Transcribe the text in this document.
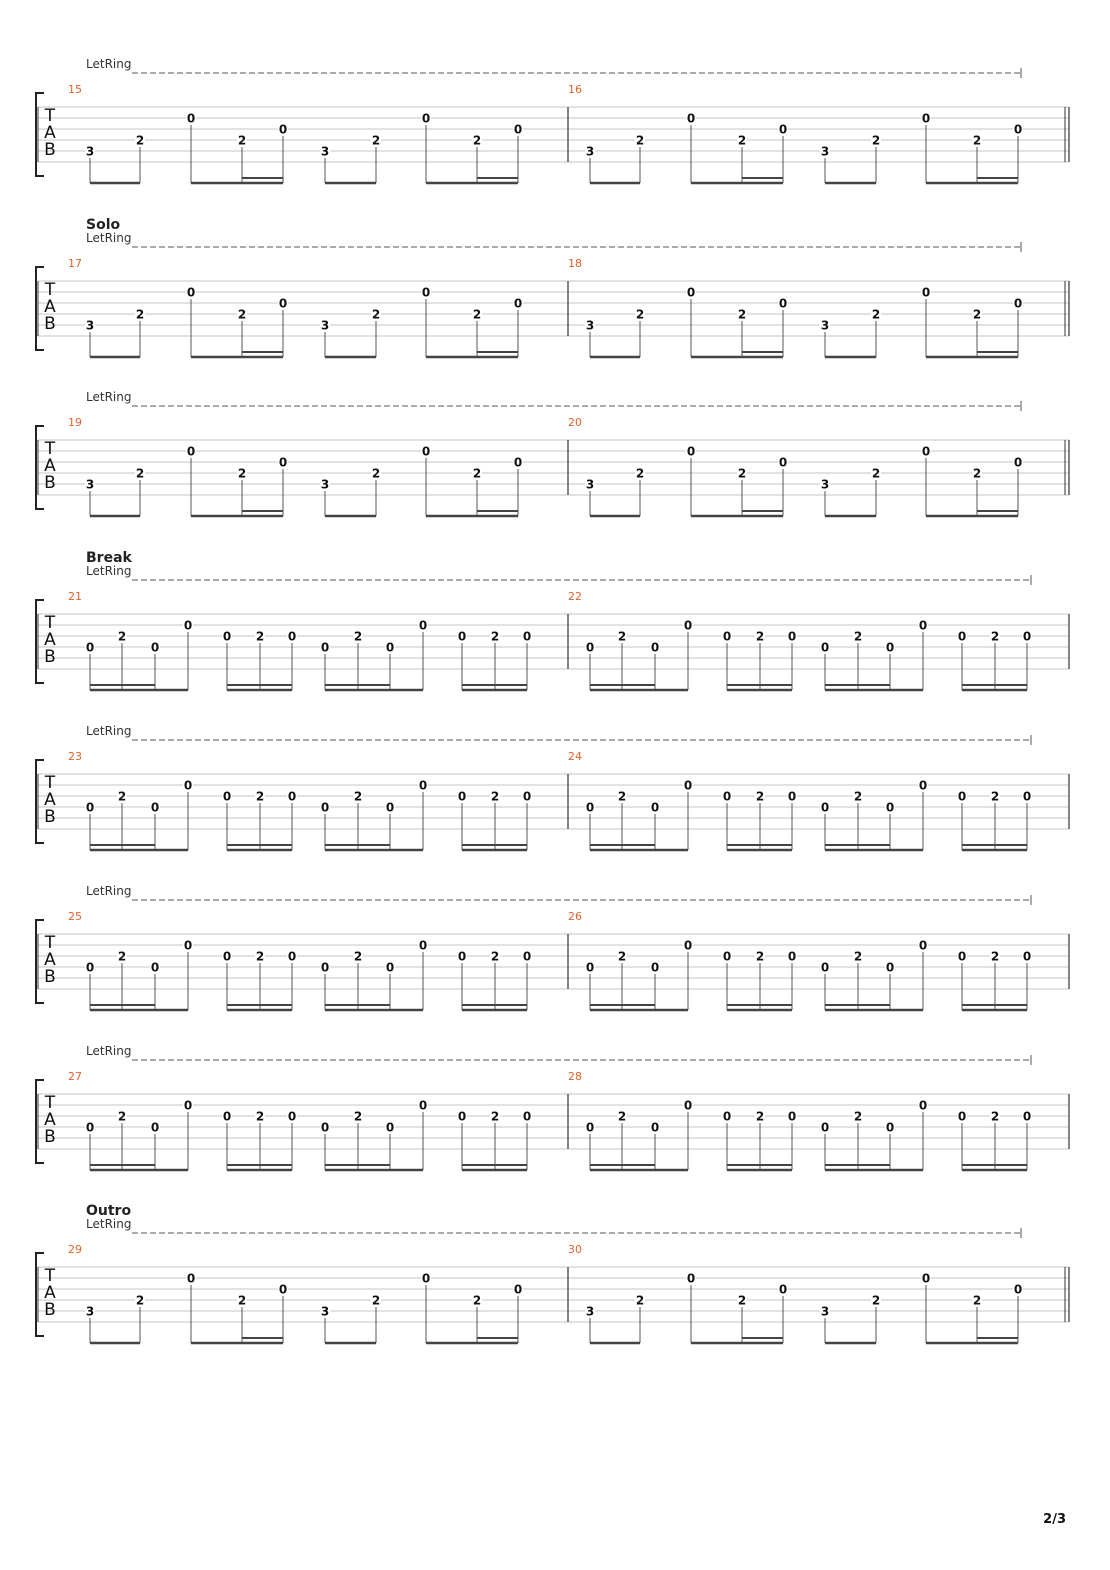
2/3
LetRing
T
A
B
15
3
2
0
2
0
3
2
0
2
0
16
3
2
0
2
0
3
2
0
2
0
Solo
LetRing
T
A
B
17
3
2
0
2
0
3
2
0
2
0
18
3
2
0
2
0
3
2
0
2
0
LetRing
T
A
B
19
3
2
0
2
0
3
2
0
2
0
20
3
2
0
2
0
3
2
0
2
0
Break
LetRing
T
A
B
21
0
2
0
0
0 2 0
0
2
0
0
0 2 0
22
0
2
0
0
0 2 0
0
2
0
0
0 2 0
LetRing
T
A
B
23
0
2
0
0
0 2 0
0
2
0
0
0 2 0
24
0
2
0
0
0 2 0
0
2
0
0
0 2 0
LetRing
T
A
B
25
0
2
0
0
0 2 0
0
2
0
0
0 2 0
26
0
2
0
0
0 2 0
0
2
0
0
0 2 0
LetRing
T
A
B
27
0
2
0
0
0 2 0
0
2
0
0
0 2 0
28
0
2
0
0
0 2 0
0
2
0
0
0 2 0
Outro
LetRing
T
A
B
29
3
2
0
2
0
3
2
0
2
0
30
3
2
0
2
0
3
2
0
2
0
